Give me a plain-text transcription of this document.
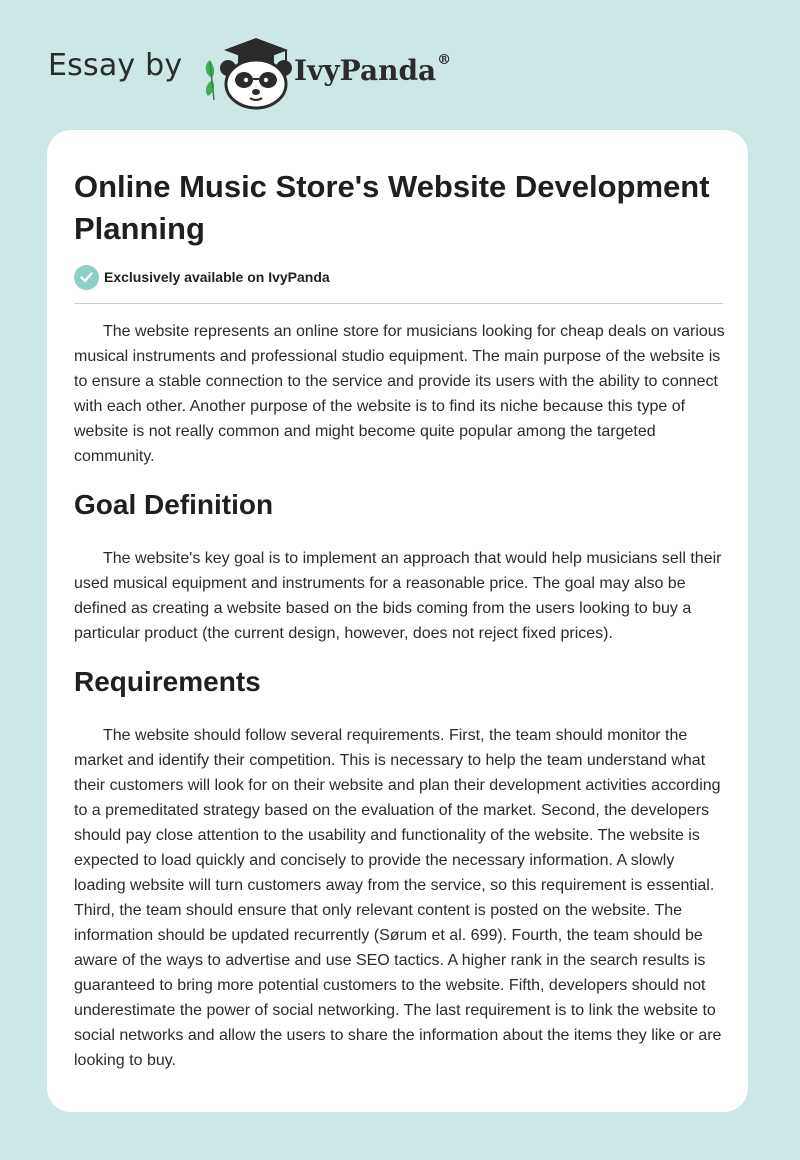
Essay by	IvyPanda®
Online Music Store's Website Development Planning
Exclusively available on IvyPanda

The website represents an online store for musicians looking for cheap deals on various musical instruments and professional studio equipment. The main purpose of the website is to ensure a stable connection to the service and provide its users with the ability to connect with each other. Another purpose of the website is to find its niche because this type of website is not really common and might become quite popular among the targeted community.

Goal Definition

The website's key goal is to implement an approach that would help musicians sell their used musical equipment and instruments for a reasonable price. The goal may also be defined as creating a website based on the bids coming from the users looking to buy a particular product (the current design, however, does not reject fixed prices).

Requirements

The website should follow several requirements. First, the team should monitor the market and identify their competition. This is necessary to help the team understand what their customers will look for on their website and plan their development activities according to a premeditated strategy based on the evaluation of the market. Second, the developers should pay close attention to the usability and functionality of the website. The website is expected to load quickly and concisely to provide the necessary information. A slowly loading website will turn customers away from the service, so this requirement is essential. Third, the team should ensure that only relevant content is posted on the website. The information should be updated recurrently (Sørum et al. 699). Fourth, the team should be aware of the ways to advertise and use SEO tactics. A higher rank in the search results is guaranteed to bring more potential customers to the website. Fifth, developers should not underestimate the power of social networking. The last requirement is to link the website to social networks and allow the users to share the information about the items they like or are looking to buy.
